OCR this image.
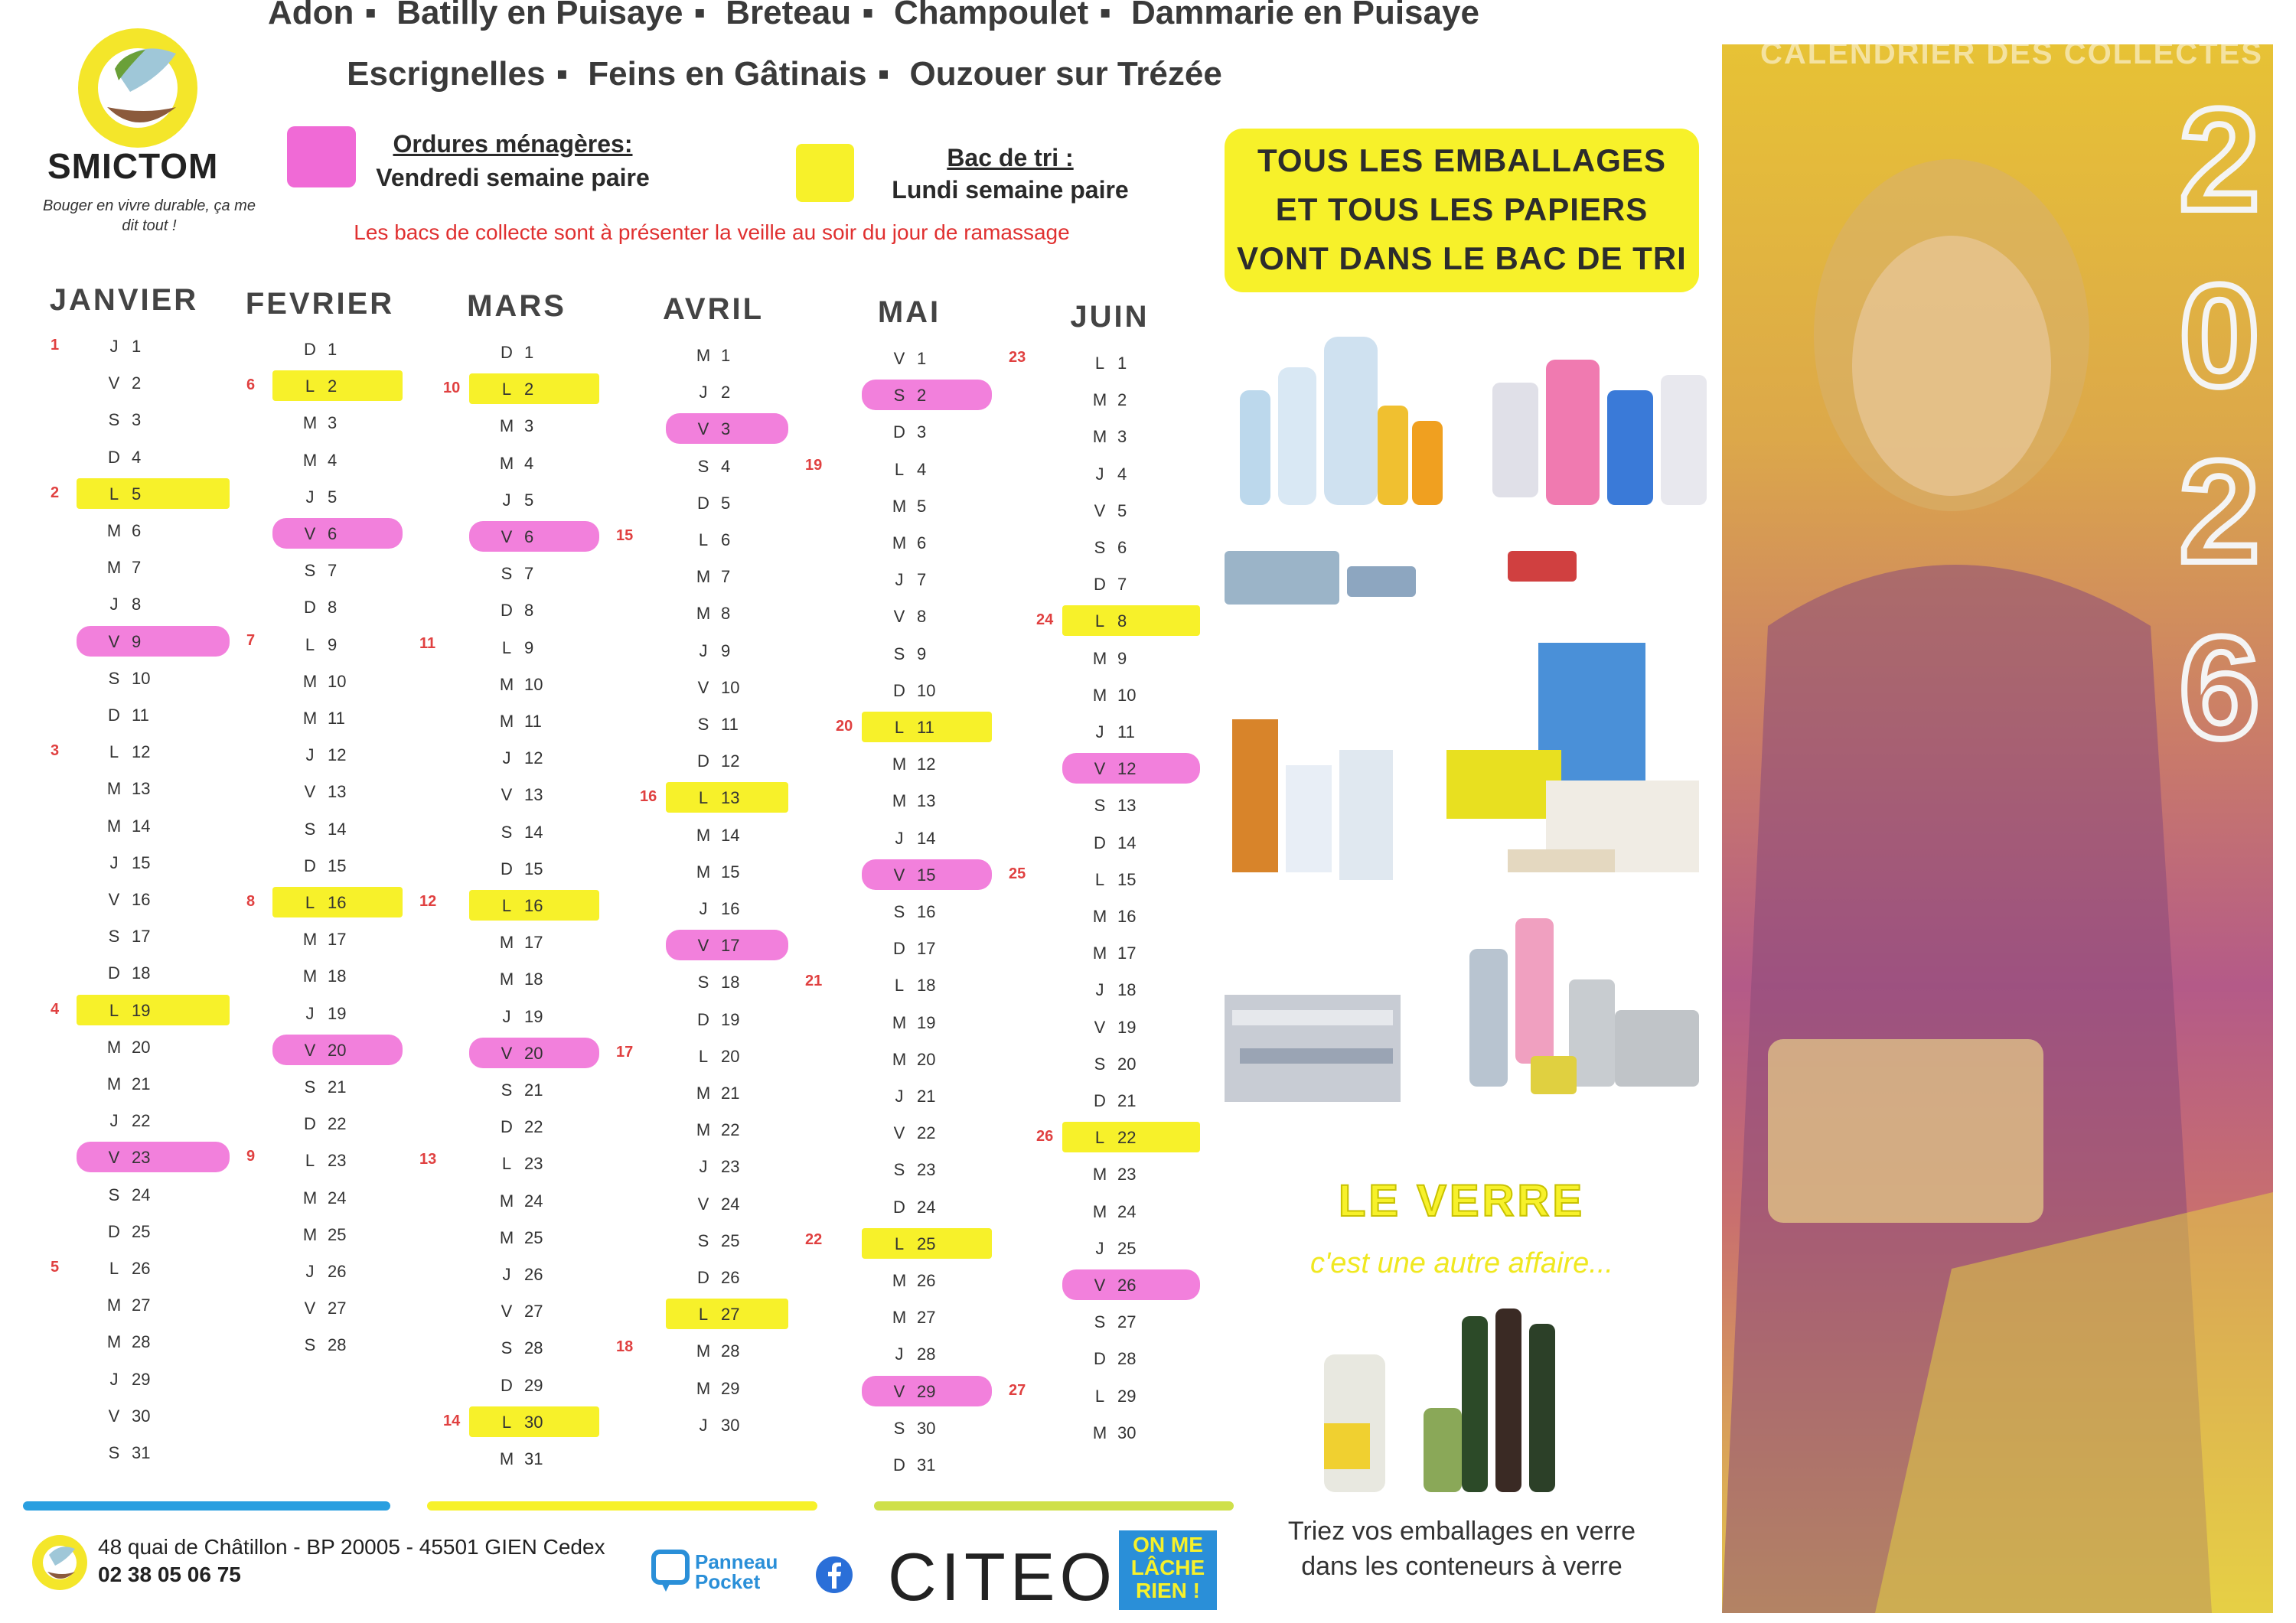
SMICTOM
Bouger en vivre durable, ça me dit tout !
Adon ▪ Batilly en Puisaye ▪ Breteau ▪ Champoulet ▪ Dammarie en Puisaye
Escrignelles ▪ Feins en Gâtinais ▪ Ouzouer sur Trézée
Ordures ménagères:
Vendredi semaine paire
Bac de tri :
Lundi semaine paire
Les bacs de collecte sont à présenter la veille au soir du jour de ramassage
JANVIER
J 1
V 2
S 3
D 4
L 5
M 6
M 7
J 8
V 9
S 10
D 11
L 12
M 13
M 14
J 15
V 16
S 17
D 18
L 19
M 20
M 21
J 22
V 23
S 24
D 25
L 26
M 27
M 28
J 29
V 30
S 31
1
2
3
4
5
7
9
FEVRIER
D 1
L 2
M 3
M 4
J 5
V 6
S 7
D 8
L 9
M 10
M 11
J 12
V 13
S 14
D 15
L 16
M 17
M 18
J 19
V 20
S 21
D 22
L 23
M 24
M 25
J 26
V 27
S 28
6
8
11
12
13
MARS
D 1
L 2
M 3
M 4
J 5
V 6
S 7
D 8
L 9
M 10
M 11
J 12
V 13
S 14
D 15
L 16
M 17
M 18
J 19
V 20
S 21
D 22
L 23
M 24
M 25
J 26
V 27
S 28
D 29
L 30
M 31
10
14
15
17
18
AVRIL
M 1
J 2
V 3
S 4
D 5
L 6
M 7
M 8
J 9
V 10
S 11
D 12
L 13
M 14
M 15
J 16
V 17
S 18
D 19
L 20
M 21
M 22
J 23
V 24
S 25
D 26
L 27
M 28
M 29
J 30
16
19
21
22
MAI
V 1
S 2
D 3
L 4
M 5
M 6
J 7
V 8
S 9
D 10
L 11
M 12
M 13
J 14
V 15
S 16
D 17
L 18
M 19
M 20
J 21
V 22
S 23
D 24
L 25
M 26
M 27
J 28
V 29
S 30
D 31
20
23
25
27
JUIN
L 1
M 2
M 3
J 4
V 5
S 6
D 7
L 8
M 9
M 10
J 11
V 12
S 13
D 14
L 15
M 16
M 17
J 18
V 19
S 20
D 21
L 22
M 23
M 24
J 25
V 26
S 27
D 28
L 29
M 30
24
26
TOUS LES EMBALLAGES
ET TOUS LES PAPIERS
VONT DANS LE BAC DE TRI
LE VERRE
c'est une autre affaire...
Triez vos emballages en verre
dans les conteneurs à verre
CALENDRIER DES COLLECTES
2
0
2
6
48 quai de Châtillon - BP 20005 - 45501 GIEN Cedex
02 38 05 06 75
Panneau
Pocket CITEO ON ME
LÂCHE
RIEN !
